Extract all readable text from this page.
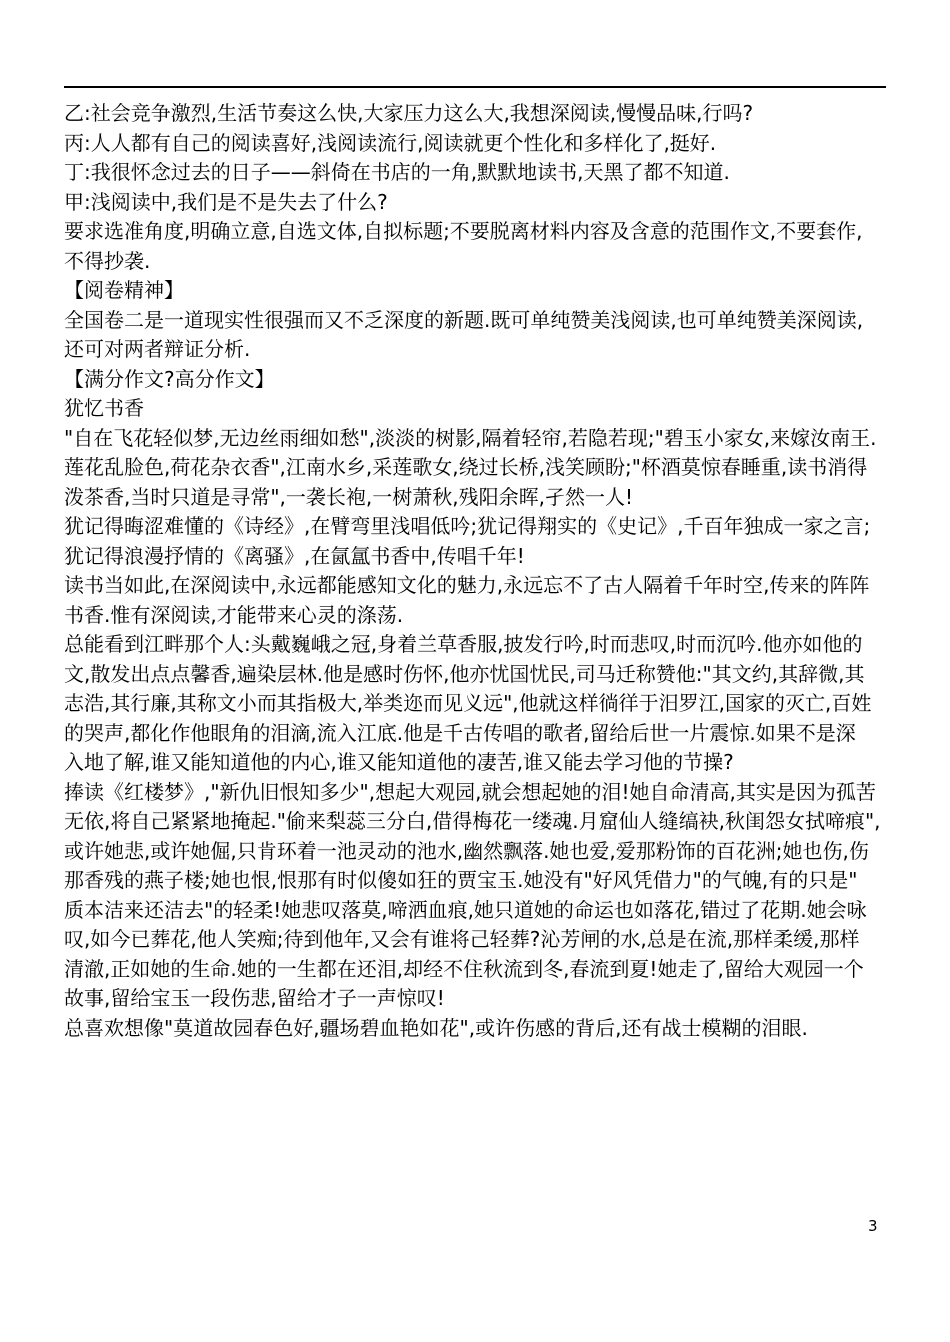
乙:社会竞争激烈,生活节奏这么快,大家压力这么大,我想深阅读,慢慢品味,行吗?
丙:人人都有自己的阅读喜好,浅阅读流行,阅读就更个性化和多样化了,挺好.
丁:我很怀念过去的日子——斜倚在书店的一角,默默地读书,天黑了都不知道.
甲:浅阅读中,我们是不是失去了什么?
要求选准角度,明确立意,自选文体,自拟标题;不要脱离材料内容及含意的范围作文,不要套作,
不得抄袭.
【阅卷精神】
全国卷二是一道现实性很强而又不乏深度的新题.既可单纯赞美浅阅读,也可单纯赞美深阅读,
还可对两者辩证分析.
【满分作文?高分作文】
犹忆书香
"自在飞花轻似梦,无边丝雨细如愁",淡淡的树影,隔着轻帘,若隐若现;"碧玉小家女,来嫁汝南王.
莲花乱脸色,荷花杂衣香",江南水乡,采莲歌女,绕过长桥,浅笑顾盼;"杯酒莫惊春睡重,读书消得
泼茶香,当时只道是寻常",一袭长袍,一树萧秋,残阳余晖,孑然一人!
犹记得晦涩难懂的《诗经》,在臂弯里浅唱低吟;犹记得翔实的《史记》,千百年独成一家之言;
犹记得浪漫抒情的《离骚》,在氤氲书香中,传唱千年!
读书当如此,在深阅读中,永远都能感知文化的魅力,永远忘不了古人隔着千年时空,传来的阵阵
书香.惟有深阅读,才能带来心灵的涤荡.
总能看到江畔那个人:头戴巍峨之冠,身着兰草香服,披发行吟,时而悲叹,时而沉吟.他亦如他的
文,散发出点点馨香,遍染层林.他是感时伤怀,他亦忧国忧民,司马迁称赞他:"其文约,其辞微,其
志浩,其行廉,其称文小而其指极大,举类迩而见义远",他就这样徜徉于汨罗江,国家的灭亡,百姓
的哭声,都化作他眼角的泪滴,流入江底.他是千古传唱的歌者,留给后世一片震惊.如果不是深
入地了解,谁又能知道他的内心,谁又能知道他的凄苦,谁又能去学习他的节操?
捧读《红楼梦》,"新仇旧恨知多少",想起大观园,就会想起她的泪!她自命清高,其实是因为孤苦
无依,将自己紧紧地掩起."偷来梨蕊三分白,借得梅花一缕魂.月窟仙人缝缟袂,秋闺怨女拭啼痕",
或许她悲,或许她倔,只肯环着一池灵动的池水,幽然飘落.她也爱,爱那粉饰的百花洲;她也伤,伤
那香残的燕子楼;她也恨,恨那有时似傻如狂的贾宝玉.她没有"好风凭借力"的气魄,有的只是"
质本洁来还洁去"的轻柔!她悲叹落莫,啼洒血痕,她只道她的命运也如落花,错过了花期.她会咏
叹,如今已葬花,他人笑痴;待到他年,又会有谁将己轻葬?沁芳闸的水,总是在流,那样柔缓,那样
清澈,正如她的生命.她的一生都在还泪,却经不住秋流到冬,春流到夏!她走了,留给大观园一个
故事,留给宝玉一段伤悲,留给才子一声惊叹!
总喜欢想像"莫道故园春色好,疆场碧血艳如花",或许伤感的背后,还有战士模糊的泪眼.
3
